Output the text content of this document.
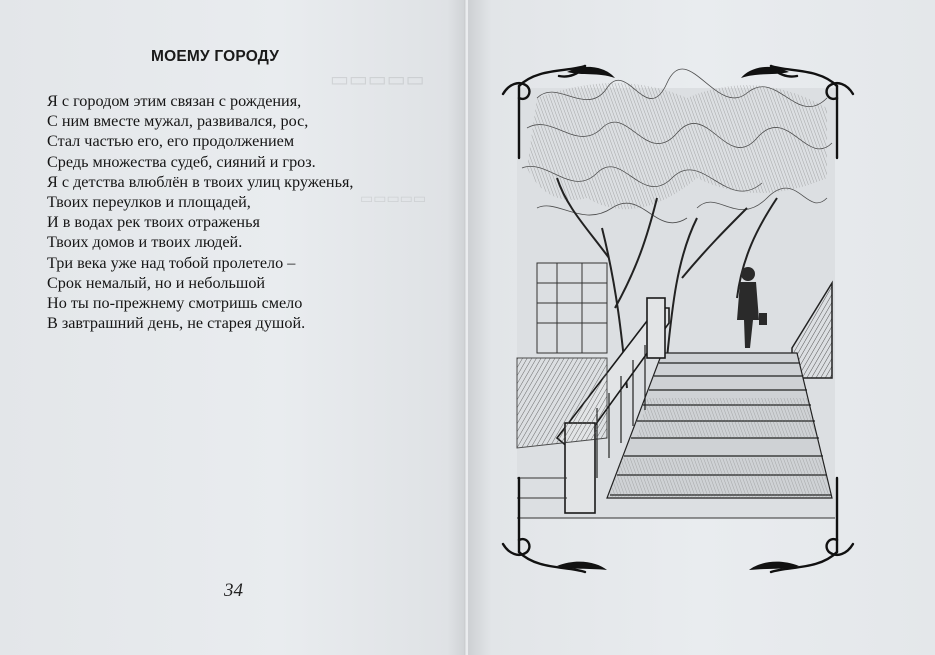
▭▭▭▭▭
▭▭▭▭▭
МОЕМУ ГОРОДУ
Я с городом этим связан с рождения,
С ним вместе мужал, развивался, рос,
Стал частью его, его продолжением
Средь множества судеб, сияний и гроз.
Я с детства влюблён в твоих улиц круженья,
Твоих переулков и площадей,
И в водах рек твоих отраженья
Твоих домов и твоих людей.
Три века уже над тобой пролетело –
Срок немалый, но и небольшой
Но ты по-прежнему смотришь смело
В завтрашний день, не старея душой.
34
